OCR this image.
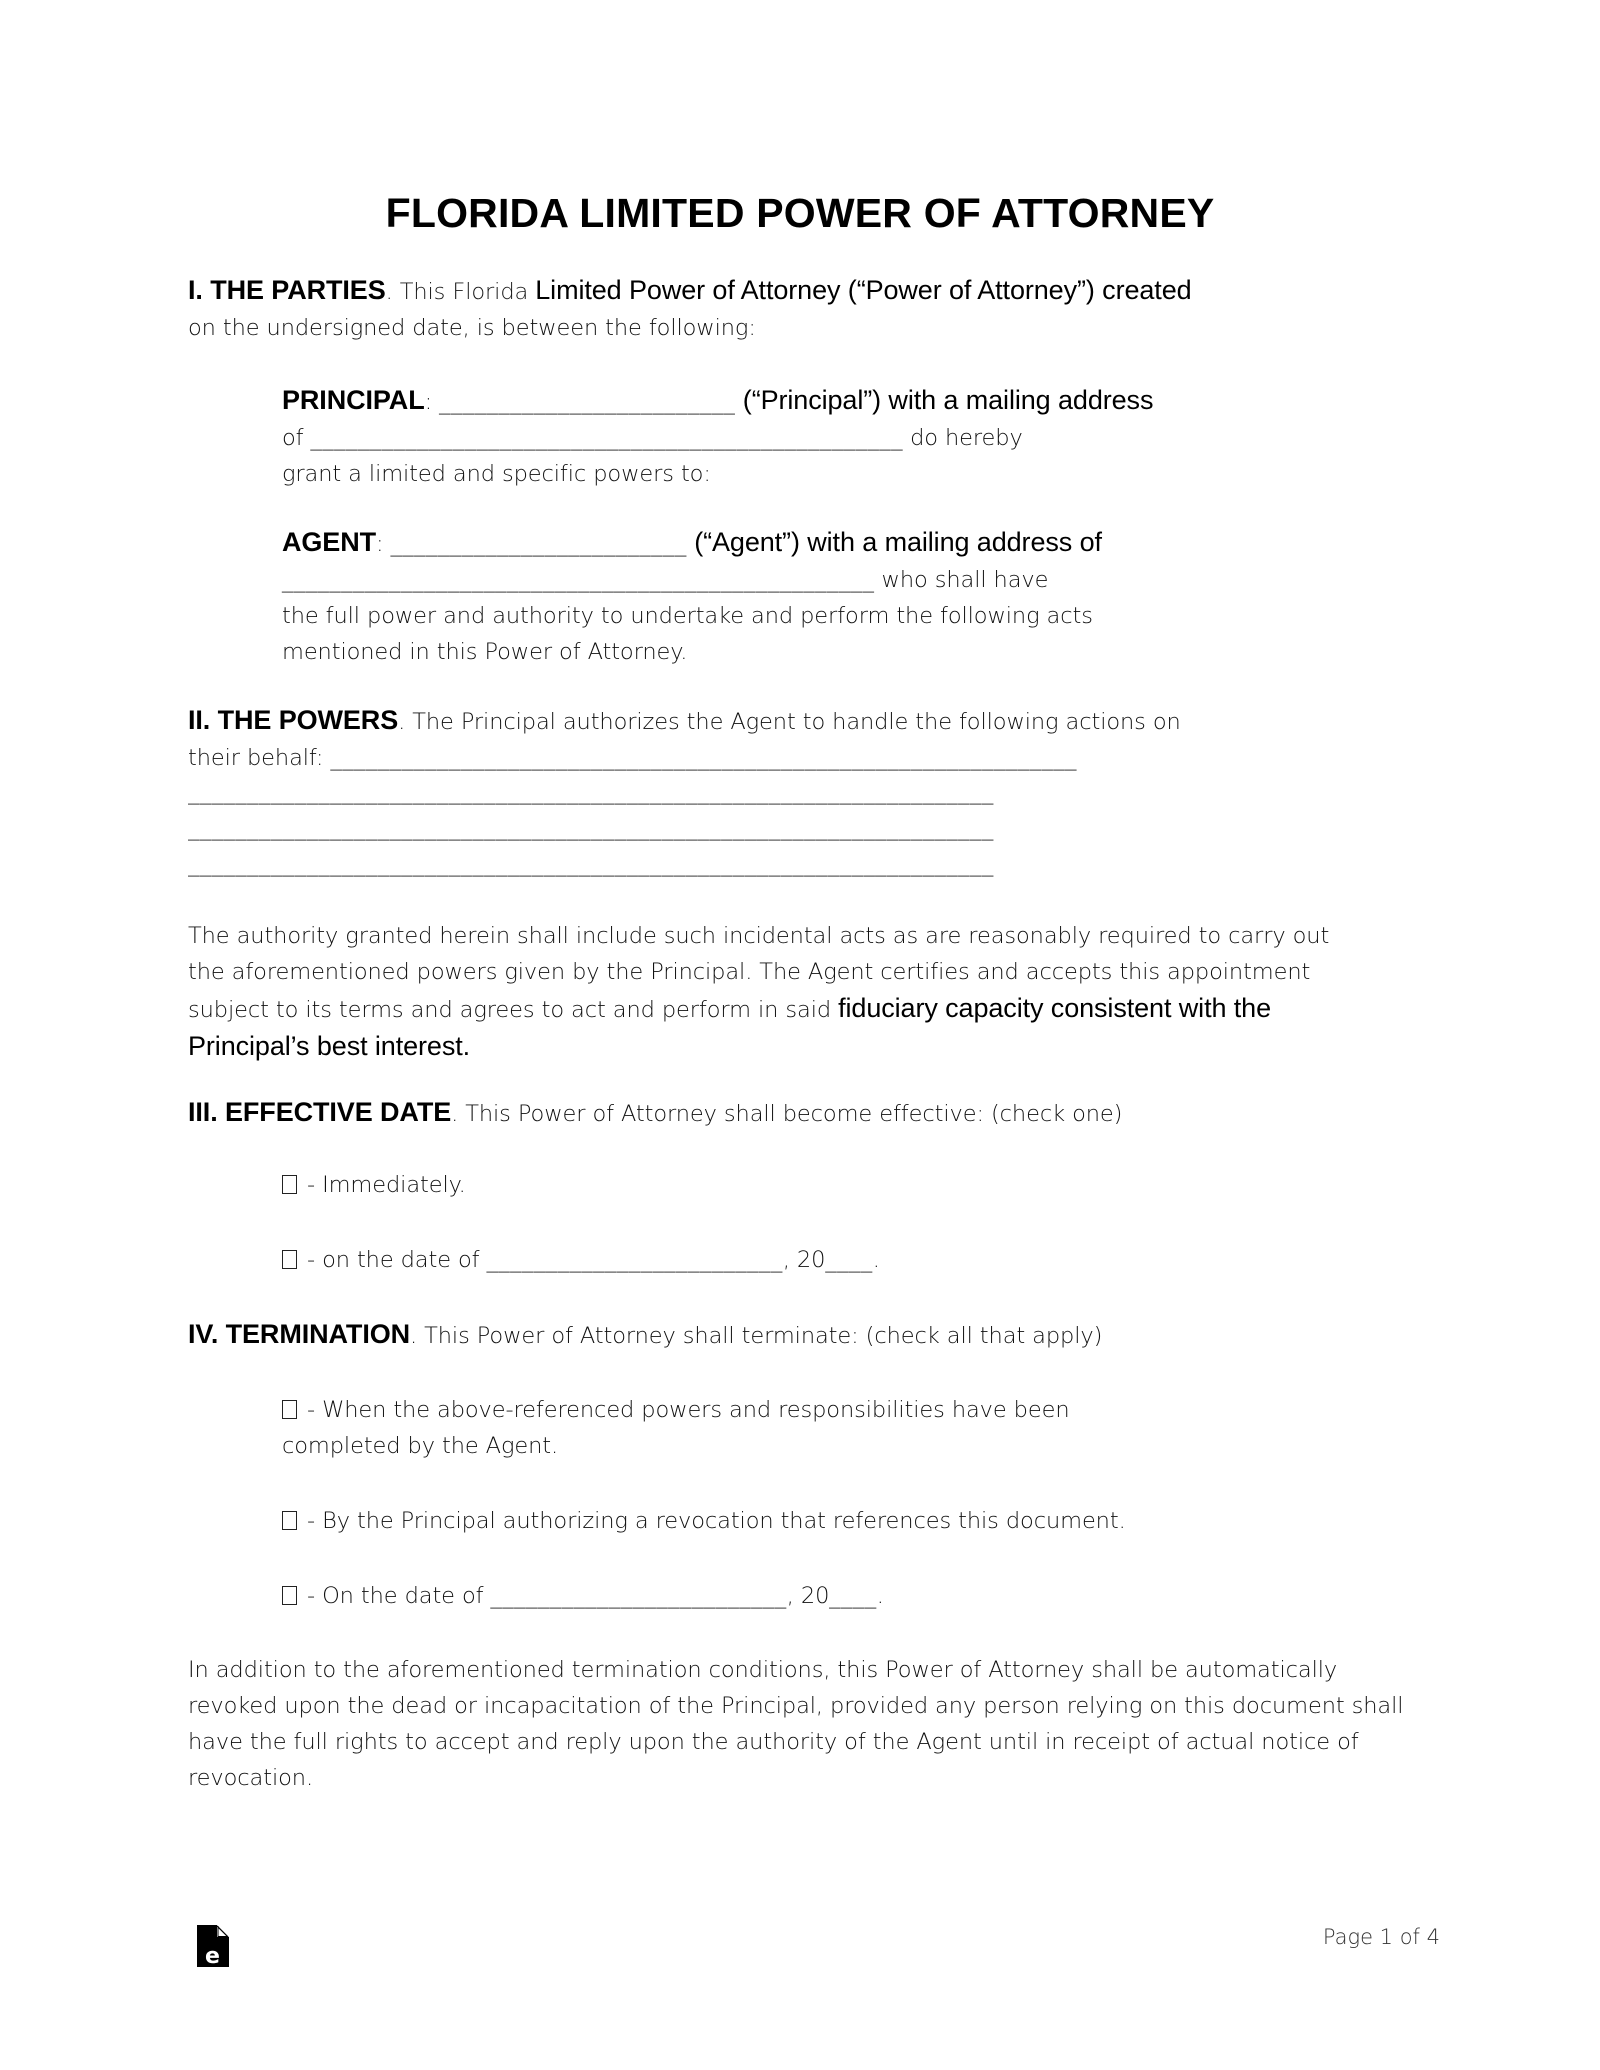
FLORIDA LIMITED POWER OF ATTORNEY

I. THE PARTIES. This Florida Limited Power of Attorney (“Power of Attorney”) created
on the undersigned date, is between the following:

PRINCIPAL: _________________________ (“Principal”) with a mailing address
of __________________________________________________ do hereby
grant a limited and specific powers to:

AGENT: _________________________ (“Agent”) with a mailing address of
__________________________________________________ who shall have
the full power and authority to undertake and perform the following acts
mentioned in this Power of Attorney.

II. THE POWERS. The Principal authorizes the Agent to handle the following actions on
their behalf: _______________________________________________________________

____________________________________________________________________
____________________________________________________________________
____________________________________________________________________

The authority granted herein shall include such incidental acts as are reasonably required to carry out the aforementioned powers given by the Principal. The Agent certifies and accepts this appointment subject to its terms and agrees to act and perform in said fiduciary capacity consistent with the Principal’s best interest.

III. EFFECTIVE DATE. This Power of Attorney shall become effective: (check one)

- Immediately.

- on the date of _________________________, 20____.

IV. TERMINATION. This Power of Attorney shall terminate: (check all that apply)

- When the above-referenced powers and responsibilities have been
completed by the Agent.

- By the Principal authorizing a revocation that references this document.

- On the date of _________________________, 20____.

In addition to the aforementioned termination conditions, this Power of Attorney shall be automatically revoked upon the dead or incapacitation of the Principal, provided any person relying on this document shall have the full rights to accept and reply upon the authority of the Agent until in receipt of actual notice of revocation.

e
Page 1 of 4
